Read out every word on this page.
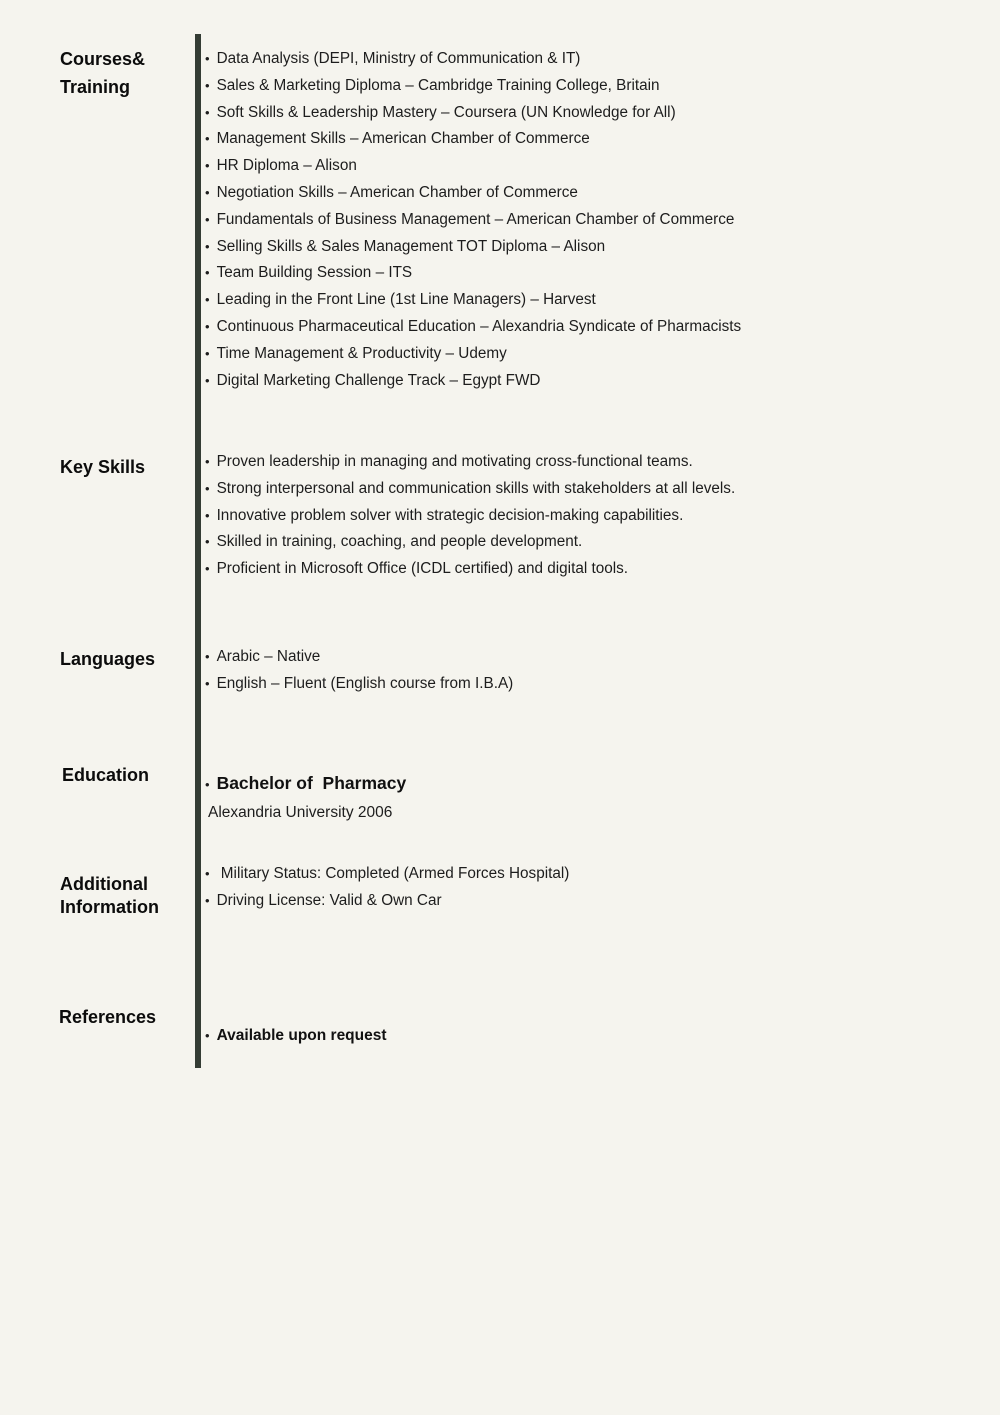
Courses&
Training
• Data Analysis (DEPI, Ministry of Communication & IT)
• Sales & Marketing Diploma – Cambridge Training College, Britain
• Soft Skills & Leadership Mastery – Coursera (UN Knowledge for All)
• Management Skills – American Chamber of Commerce
• HR Diploma – Alison
• Negotiation Skills – American Chamber of Commerce
• Fundamentals of Business Management – American Chamber of Commerce
• Selling Skills & Sales Management TOT Diploma – Alison
• Team Building Session – ITS
• Leading in the Front Line (1st Line Managers) – Harvest
• Continuous Pharmaceutical Education – Alexandria Syndicate of Pharmacists
• Time Management & Productivity – Udemy
• Digital Marketing Challenge Track – Egypt FWD
Key Skills	• Proven leadership in managing and motivating cross-functional teams.
• Strong interpersonal and communication skills with stakeholders at all levels.
• Innovative problem solver with strategic decision-making capabilities.
• Skilled in training, coaching, and people development.
• Proficient in Microsoft Office (ICDL certified) and digital tools.
Languages	• Arabic – Native
• English – Fluent (English course from I.B.A)
Education	• Bachelor of  Pharmacy
Alexandria University 2006
Additional
Information
• Military Status: Completed (Armed Forces Hospital)
• Driving License: Valid & Own Car
References
• Available upon request
